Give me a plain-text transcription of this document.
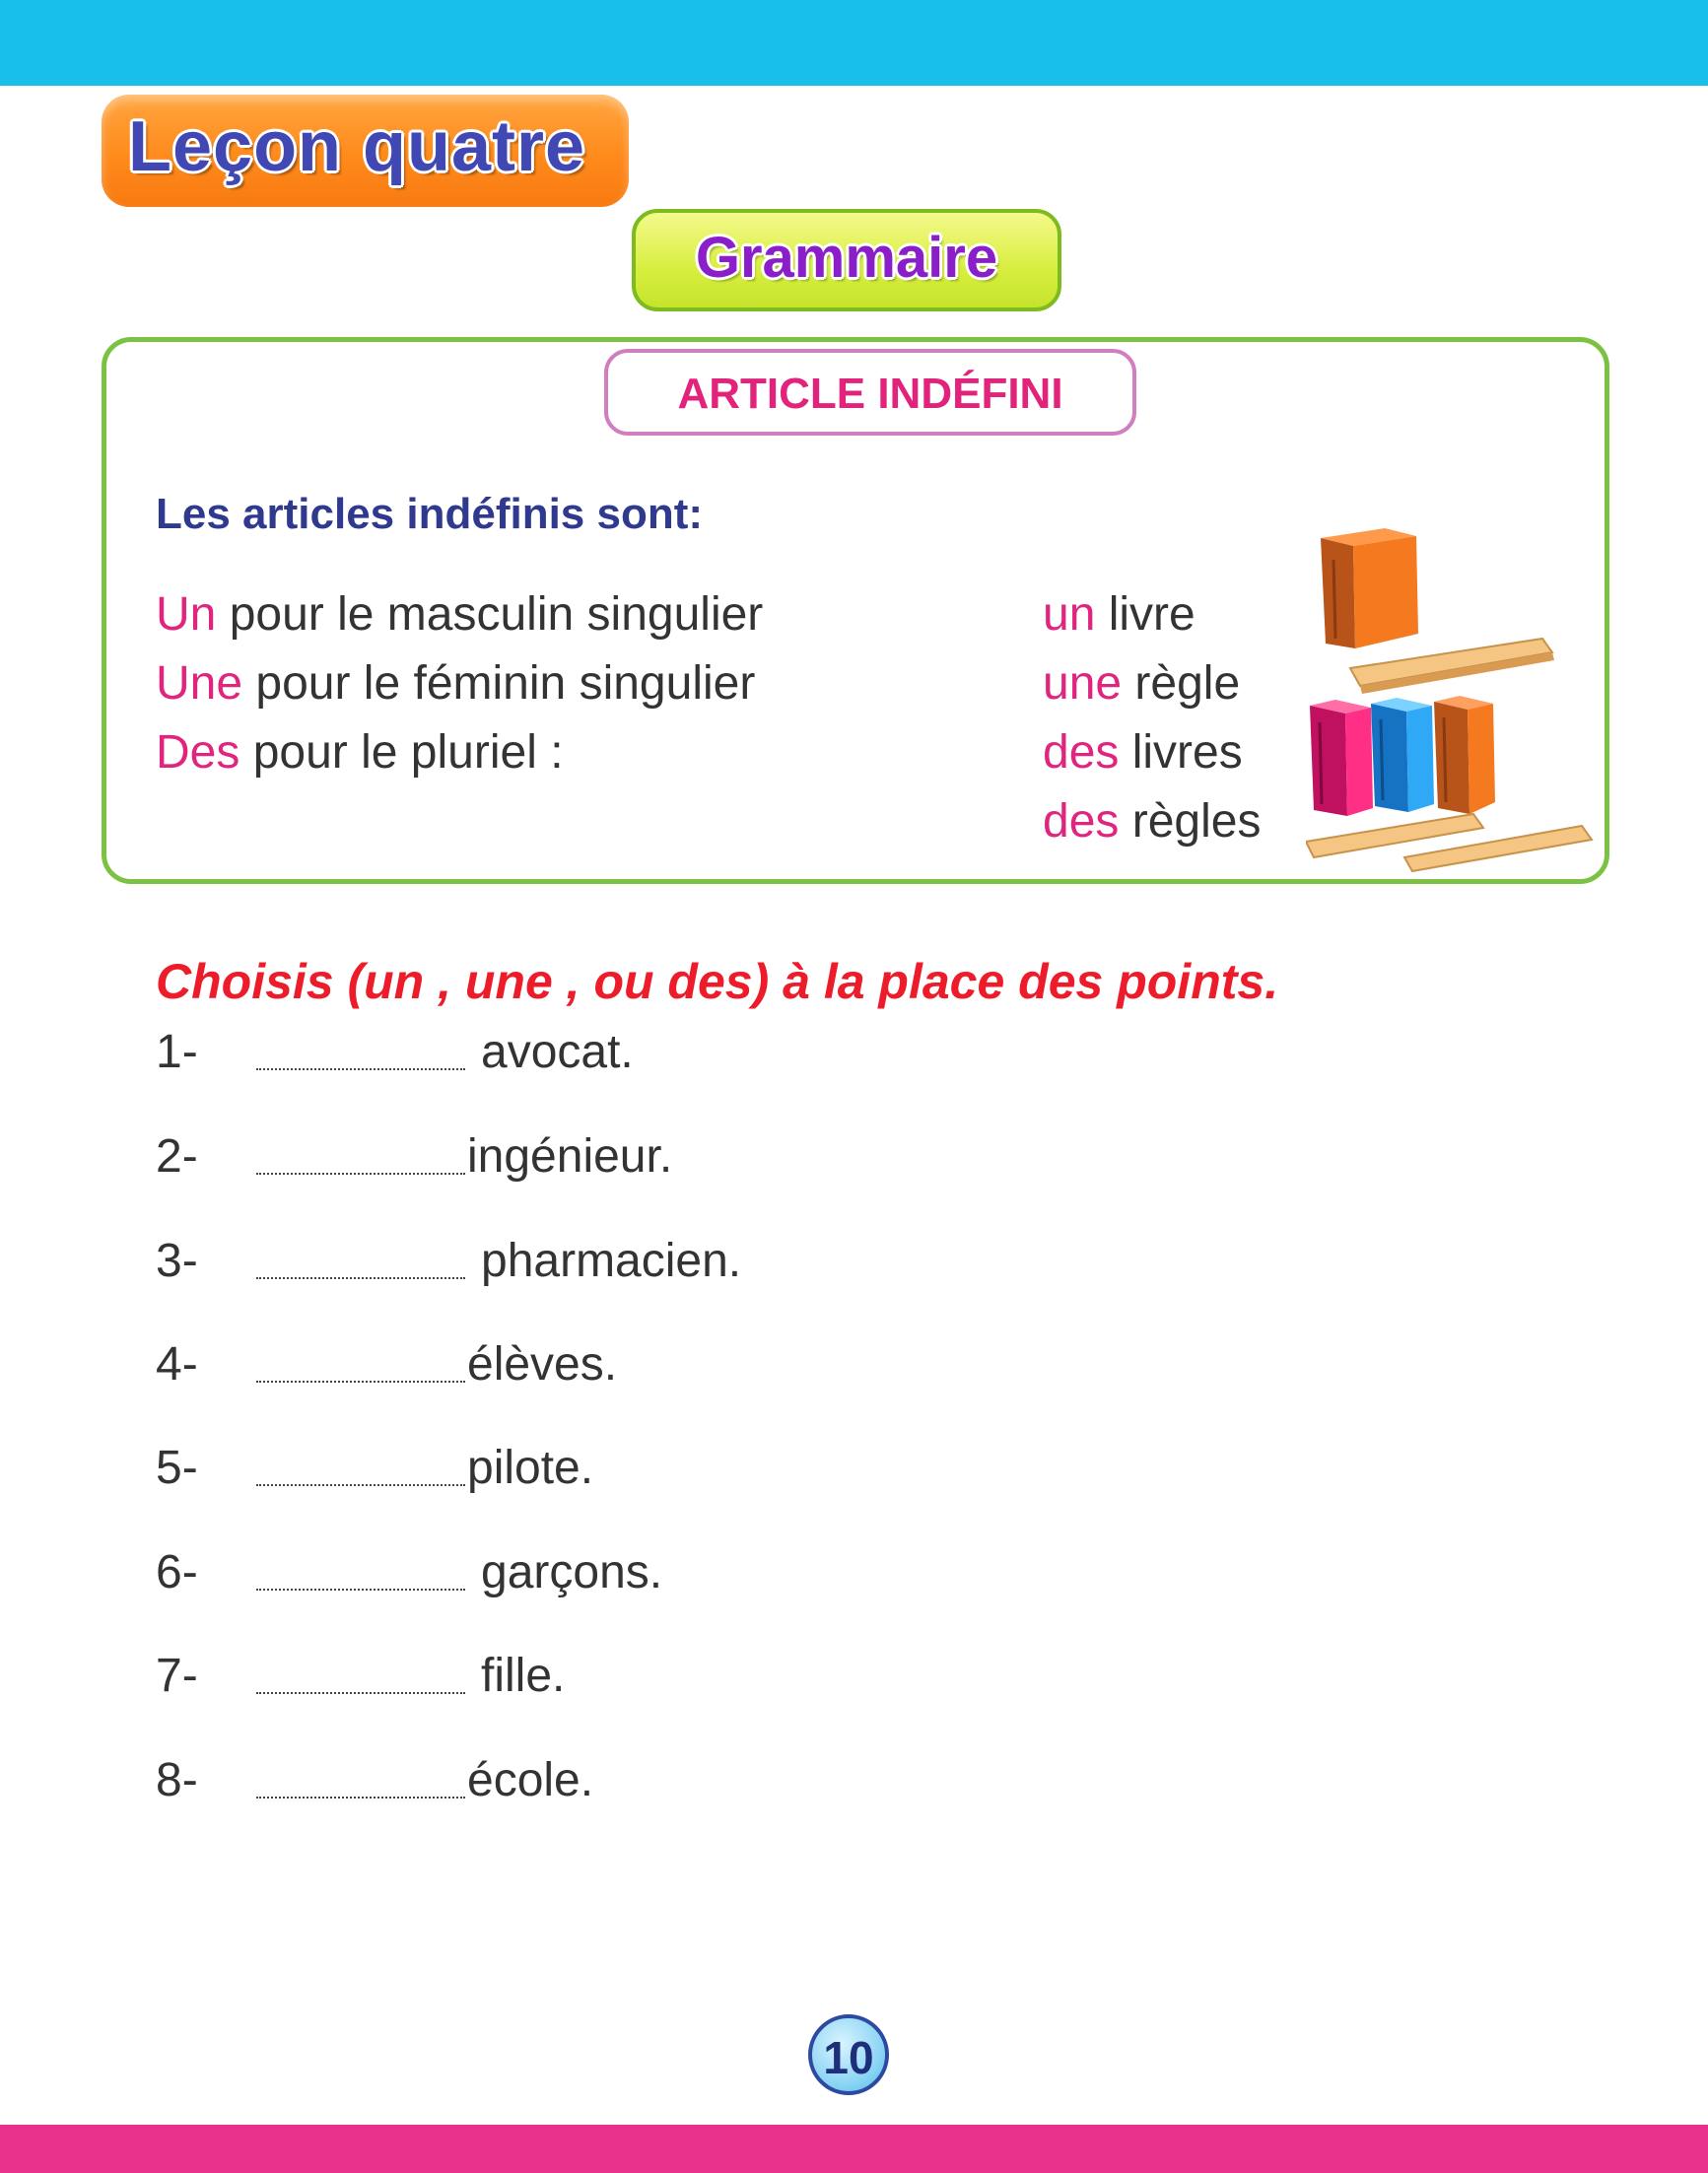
Leçon quatre
Grammaire
ARTICLE INDÉFINI
Les articles indéfinis sont:
Un pour le masculin singulier
Une pour le féminin singulier
Des pour le pluriel :
un livre
une règle
des livres
des règles
Choisis (un , une , ou des) à la place des points.
1-	avocat.
2-	ingénieur.
3-	pharmacien.
4-	élèves.
5-	pilote.
6-	garçons.
7-	fille.
8-	école.
10
